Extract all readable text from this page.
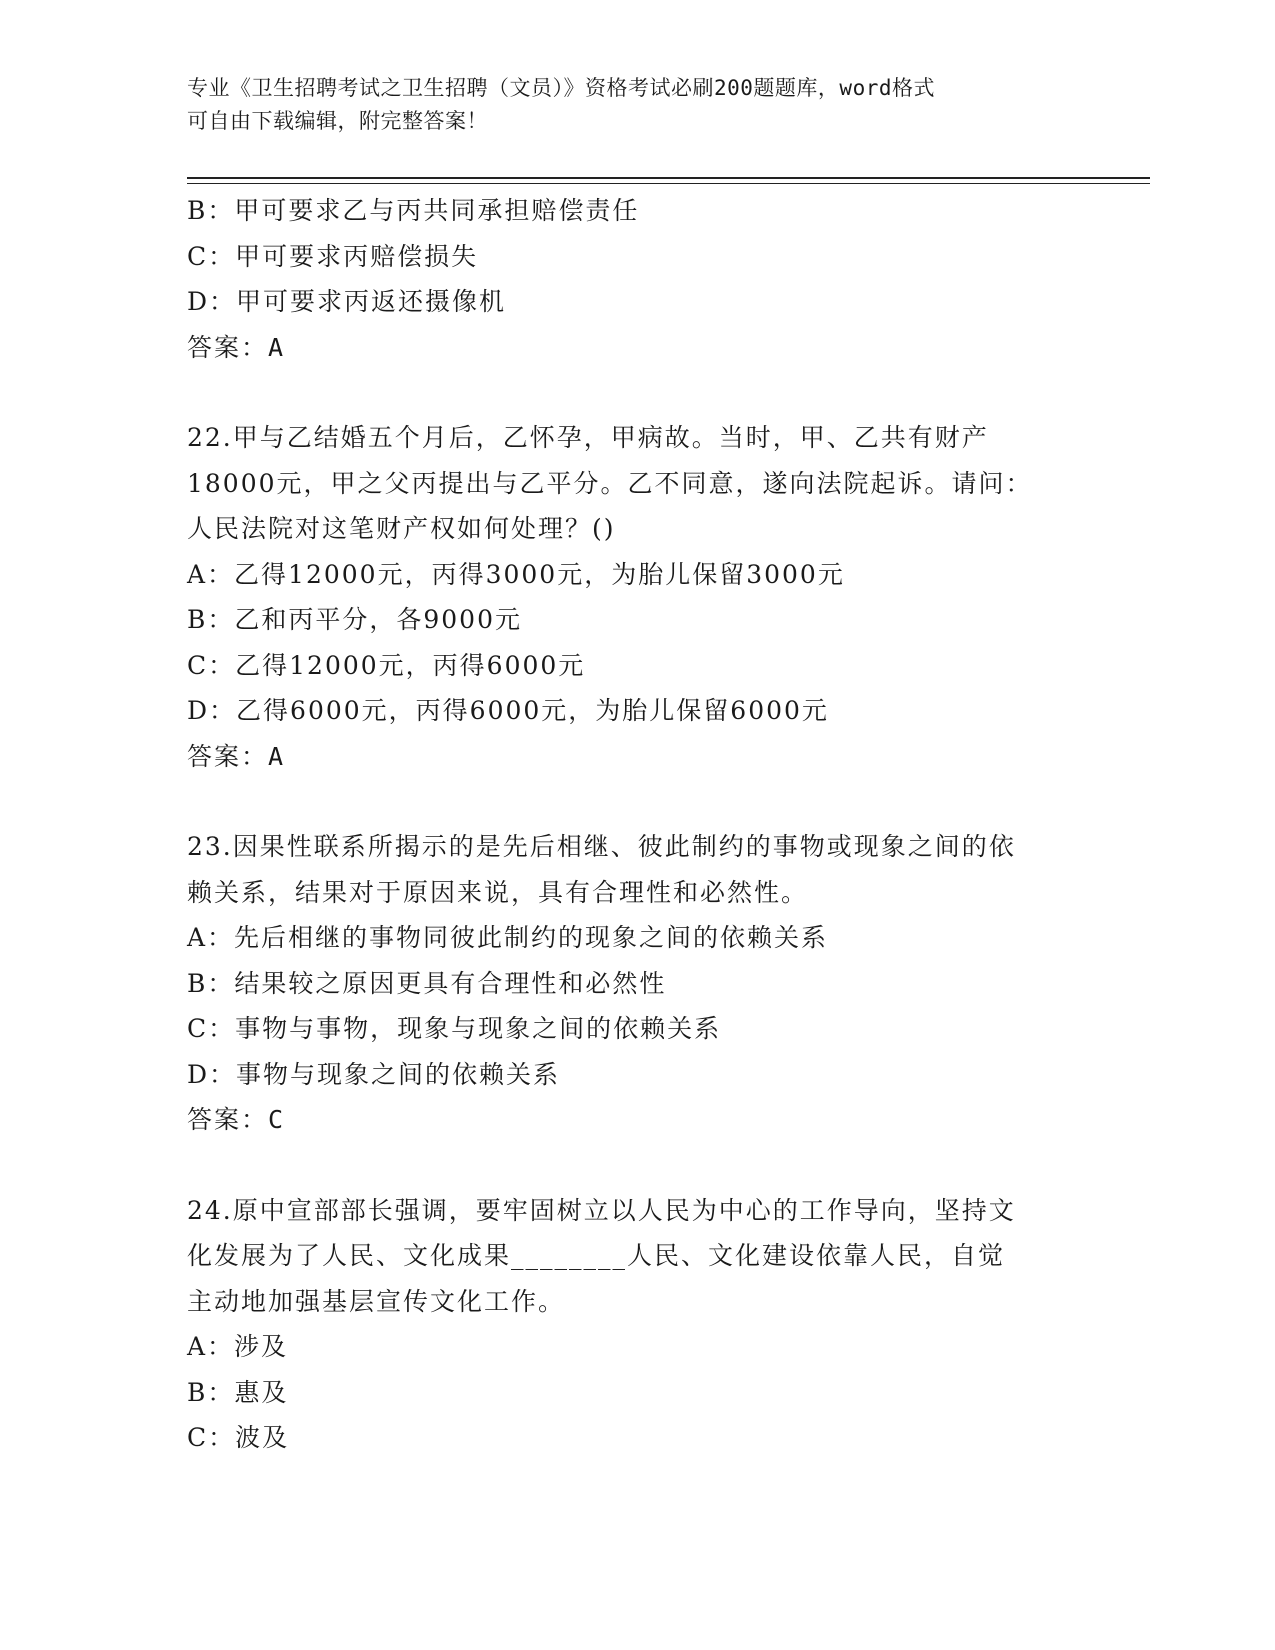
专业《卫生招聘考试之卫生招聘（文员）》资格考试必刷200题题库，word格式
可自由下载编辑，附完整答案！
B：甲可要求乙与丙共同承担赔偿责任
C：甲可要求丙赔偿损失
D：甲可要求丙返还摄像机
答案：A
22.甲与乙结婚五个月后，乙怀孕，甲病故。当时，甲、乙共有财产
18000元，甲之父丙提出与乙平分。乙不同意，遂向法院起诉。请问：
人民法院对这笔财产权如何处理？()
A：乙得12000元，丙得3000元，为胎儿保留3000元
B：乙和丙平分，各9000元
C：乙得12000元，丙得6000元
D：乙得6000元，丙得6000元，为胎儿保留6000元
答案：A
23.因果性联系所揭示的是先后相继、彼此制约的事物或现象之间的依
赖关系，结果对于原因来说，具有合理性和必然性。
A：先后相继的事物同彼此制约的现象之间的依赖关系
B：结果较之原因更具有合理性和必然性
C：事物与事物，现象与现象之间的依赖关系
D：事物与现象之间的依赖关系
答案：C
24.原中宣部部长强调，要牢固树立以人民为中心的工作导向，坚持文
化发展为了人民、文化成果________人民、文化建设依靠人民，自觉
主动地加强基层宣传文化工作。
A：涉及
B：惠及
C：波及
